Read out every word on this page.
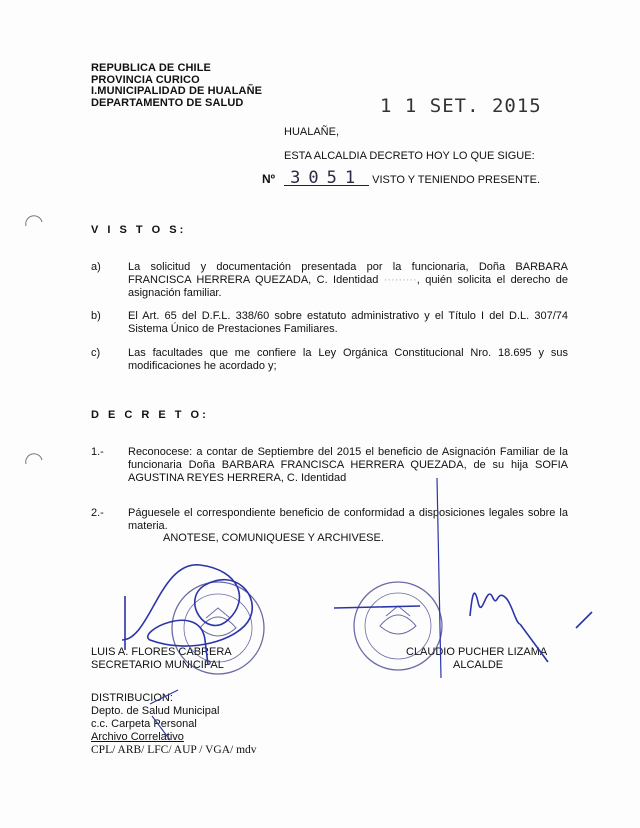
REPUBLICA DE CHILE
PROVINCIA CURICO
I.MUNICIPALIDAD DE HUALAÑE
DEPARTAMENTO DE SALUD	1 1 SET. 2015
HUALAÑE,
ESTA ALCALDIA DECRETO HOY LO QUE SIGUE:
Nº 3051 VISTO Y TENIENDO PRESENTE.
V I S T O S:
a) La solicitud y documentación presentada por la funcionaria, Doña BARBARA FRANCISCA HERRERA QUEZADA, C. Identidad ·········, quién solicita el derecho de asignación familiar.
b) El Art. 65 del D.F.L. 338/60 sobre estatuto administrativo y el Título I del D.L. 307/74 Sistema Único de Prestaciones Familiares.
c)	Las facultades que me confiere la Ley Orgánica Constitucional Nro. 18.695 y sus modificaciones he acordado y;
D E C R E T O:
1.- Reconocese: a contar de Septiembre del 2015 el beneficio de Asignación Familiar de la funcionaria Doña BARBARA FRANCISCA HERRERA QUEZADA, de su hija SOFIA AGUSTINA REYES HERRERA, C. Identidad
2.- Páguesele el correspondiente beneficio de conformidad a disposiciones legales sobre la materia.
ANOTESE, COMUNIQUESE Y ARCHIVESE.
LUIS A. FLORES CABRERA
SECRETARIO MUNICIPAL
CLAUDIO PUCHER LIZAMA
ALCALDE
DISTRIBUCION:
Depto. de Salud Municipal
c.c. Carpeta Personal
Archivo Correlativo
CPL/ ARB/ LFC/ AUP / VGA/ mdv
